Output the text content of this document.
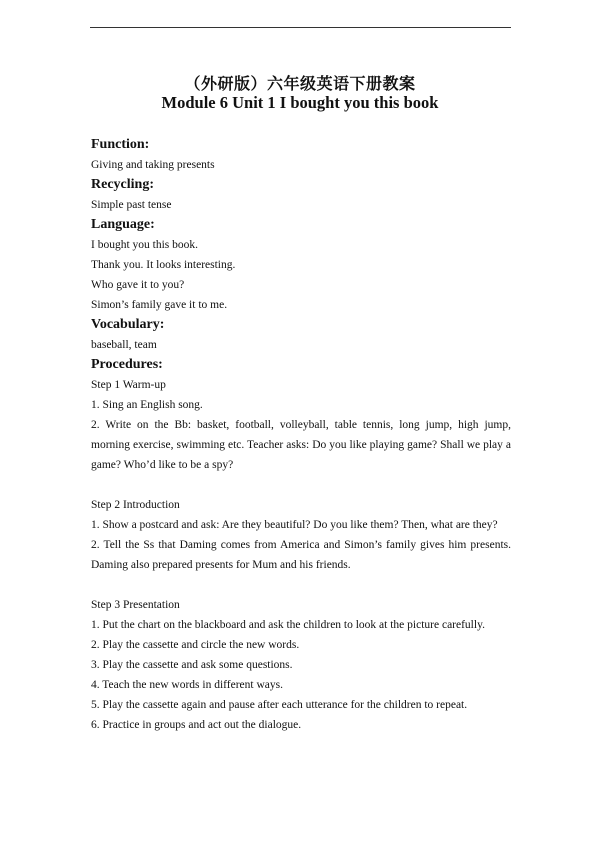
（外研版）六年级英语下册教案
Module 6 Unit 1 I bought you this book

Function:

Giving and taking presents

Recycling:

Simple past tense

Language:

I bought you this book.

Thank you. It looks interesting.

Who gave it to you?

Simon’s family gave it to me.

Vocabulary:

baseball, team

Procedures:

Step 1 Warm-up

1. Sing an English song.

2. Write on the Bb: basket, football, volleyball, table tennis, long jump, high jump, morning exercise, swimming etc. Teacher asks: Do you like playing game? Shall we play a game? Who’d like to be a spy?

Step 2 Introduction

1. Show a postcard and ask: Are they beautiful? Do you like them? Then, what are they?

2. Tell the Ss that Daming comes from America and Simon’s family gives him presents. Daming also prepared presents for Mum and his friends.

Step 3 Presentation

1. Put the chart on the blackboard and ask the children to look at the picture carefully.

2. Play the cassette and circle the new words.

3. Play the cassette and ask some questions.

4. Teach the new words in different ways.

5. Play the cassette again and pause after each utterance for the children to repeat.

6. Practice in groups and act out the dialogue.
